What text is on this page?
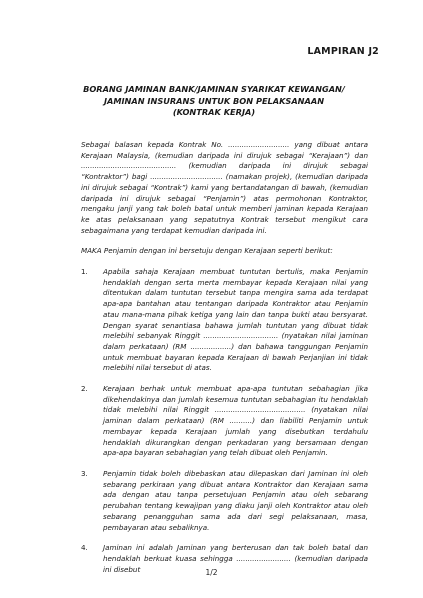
LAMPIRAN J2
BORANG JAMINAN BANK/JAMINAN SYARIKAT KEWANGAN/
JAMINAN INSURANS UNTUK BON PELAKSANAAN
(KONTRAK KERJA)

Sebagai balasan kepada Kontrak No. ........................... yang dibuat antara Kerajaan Malaysia, (kemudian daripada ini dirujuk sebagai “Kerajaan”) dan .......................................... (kemudian daripada ini dirujuk sebagai “Kontraktor”) bagi ................................ (namakan projek), (kemudian daripada ini dirujuk sebagai “Kontrak”) kami yang bertandatangan di bawah, (kemudian daripada ini dirujuk sebagai “Penjamin”) atas permohonan Kontraktor, mengaku janji yang tak boleh batal untuk memberi jaminan kepada Kerajaan ke atas pelaksanaan yang sepatutnya Kontrak tersebut mengikut cara sebagaimana yang terdapat kemudian daripada ini.

MAKA Penjamin dengan ini bersetuju dengan Kerajaan seperti berikut:

1.	Apabila sahaja Kerajaan membuat tuntutan bertulis, maka Penjamin hendaklah dengan serta merta membayar kepada Kerajaan nilai yang ditentukan dalam tuntutan tersebut tanpa mengira sama ada terdapat apa-apa bantahan atau tentangan daripada Kontraktor atau Penjamin atau mana-mana pihak ketiga yang lain dan tanpa bukti atau bersyarat. Dengan syarat senantiasa bahawa jumlah tuntutan yang dibuat tidak melebihi sebanyak Ringgit ................................. (nyatakan nilai jaminan dalam perkataan) (RM ..................) dan bahawa tanggungan Penjamin untuk membuat bayaran kepada Kerajaan di bawah Perjanjian ini tidak melebihi nilai tersebut di atas.
2.	Kerajaan berhak untuk membuat apa-apa tuntutan sebahagian jika dikehendakinya dan jumlah kesemua tuntutan sebahagian itu hendaklah tidak melebihi nilai Ringgit ........................................ (nyatakan nilai jaminan dalam perkataan) (RM ..........) dan liabiliti Penjamin untuk membayar kepada Kerajaan jumlah yang disebutkan terdahulu hendaklah dikurangkan dengan perkadaran yang bersamaan dengan apa-apa bayaran sebahagian yang telah dibuat oleh Penjamin.
3.	Penjamin tidak boleh dibebaskan atau dilepaskan dari Jaminan ini oleh sebarang perkiraan yang dibuat antara Kontraktor dan Kerajaan sama ada dengan atau tanpa persetujuan Penjamin atau oleh sebarang perubahan tentang kewajipan yang diaku janji oleh Kontraktor atau oleh sebarang penangguhan sama ada dari segi pelaksanaan, masa, pembayaran atau sebaliknya.
4.	Jaminan ini adalah Jaminan yang berterusan dan tak boleh batal dan hendaklah berkuat kuasa sehingga ........................ (kemudian daripada ini disebut	1/2
